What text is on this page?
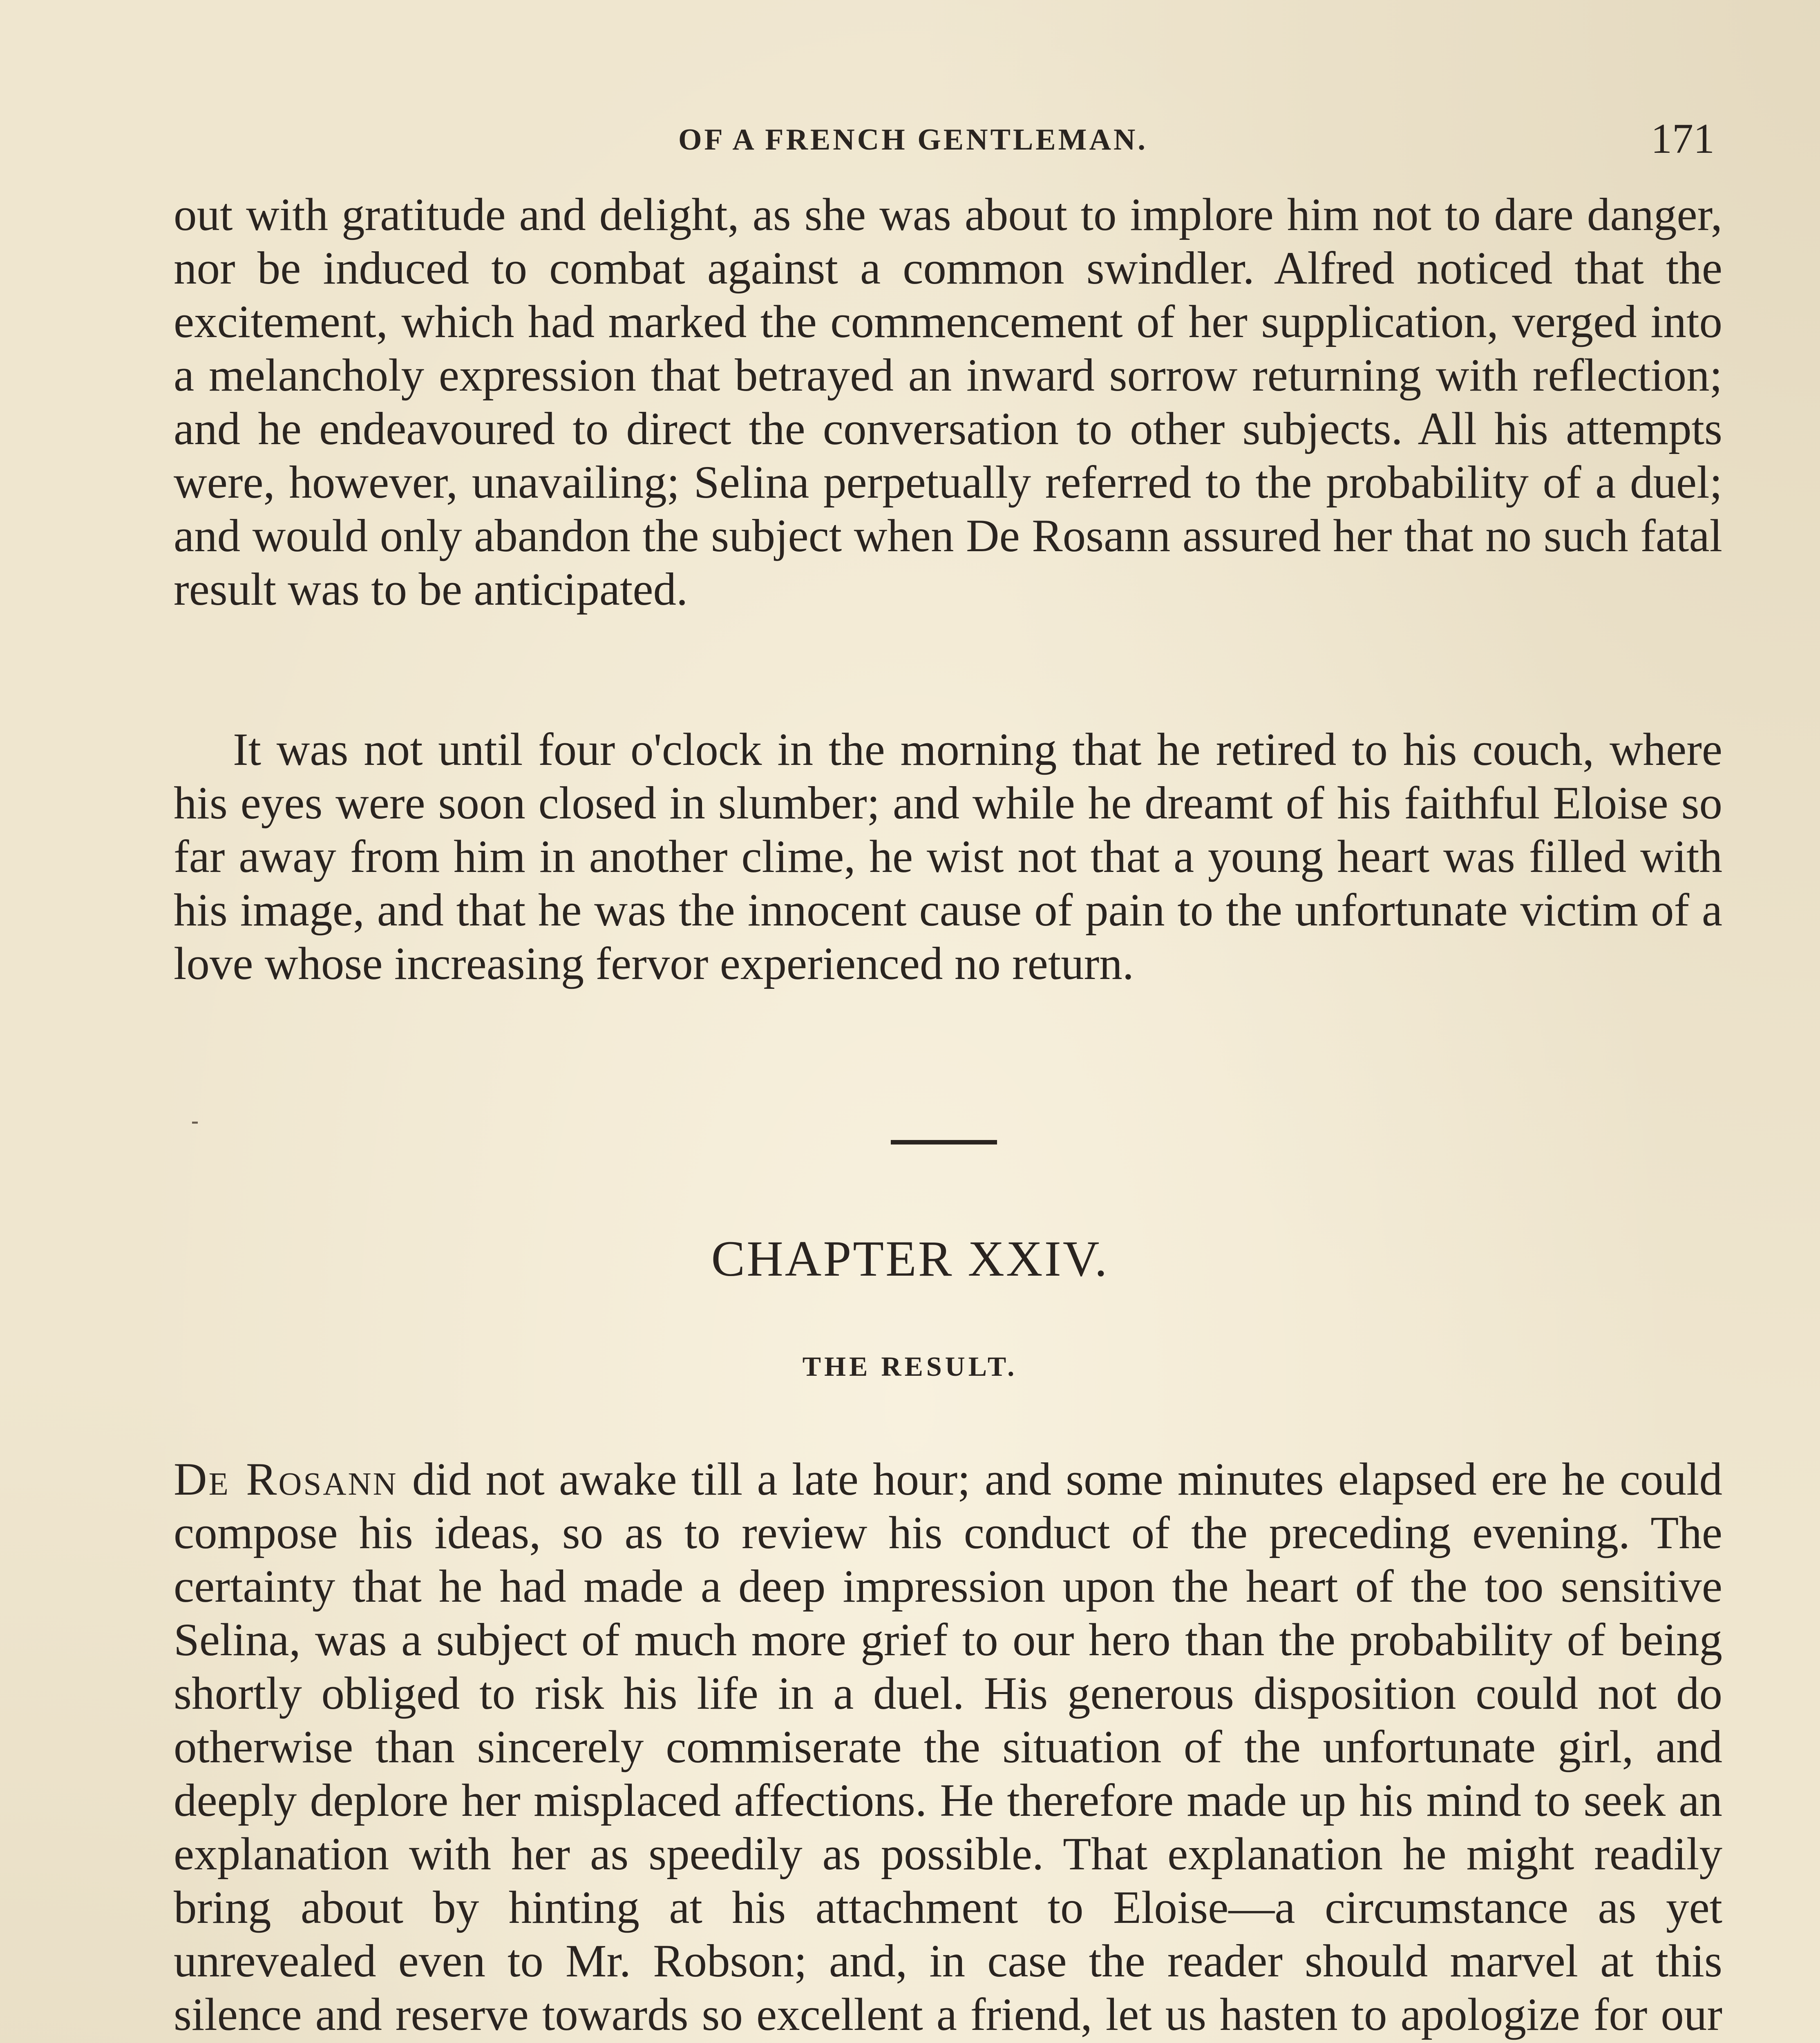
OF A FRENCH GENTLEMAN.	171

out with gratitude and delight, as she was about to implore him not to dare danger, nor be induced to combat against a common swindler. Alfred noticed that the excitement, which had marked the commencement of her supplication, verged into a melancholy expression that betrayed an inward sorrow returning with reflection; and he endeavoured to direct the conversation to other subjects. All his attempts were, however, unavailing; Selina perpetually referred to the probability of a duel; and would only abandon the subject when De Rosann assured her that no such fatal result was to be anticipated.

It was not until four o'clock in the morning that he retired to his couch, where his eyes were soon closed in slumber; and while he dreamt of his faithful Eloise so far away from him in another clime, he wist not that a young heart was filled with his image, and that he was the innocent cause of pain to the unfortunate victim of a love whose increasing fervor experienced no return.

CHAPTER XXIV.
THE RESULT.

De Rosann did not awake till a late hour; and some minutes elapsed ere he could compose his ideas, so as to review his conduct of the preceding evening. The certainty that he had made a deep impression upon the heart of the too sensitive Selina, was a subject of much more grief to our hero than the probability of being shortly obliged to risk his life in a duel. His generous disposition could not do otherwise than sincerely commiserate the situation of the unfortunate girl, and deeply deplore her misplaced affections. He therefore made up his mind to seek an explanation with her as speedily as possible. That explanation he might readily bring about by hinting at his attachment to Eloise—a circumstance as yet unrevealed even to Mr. Robson; and, in case the reader should marvel at this silence and reserve towards so excellent a friend, let us hasten to apologize for our
